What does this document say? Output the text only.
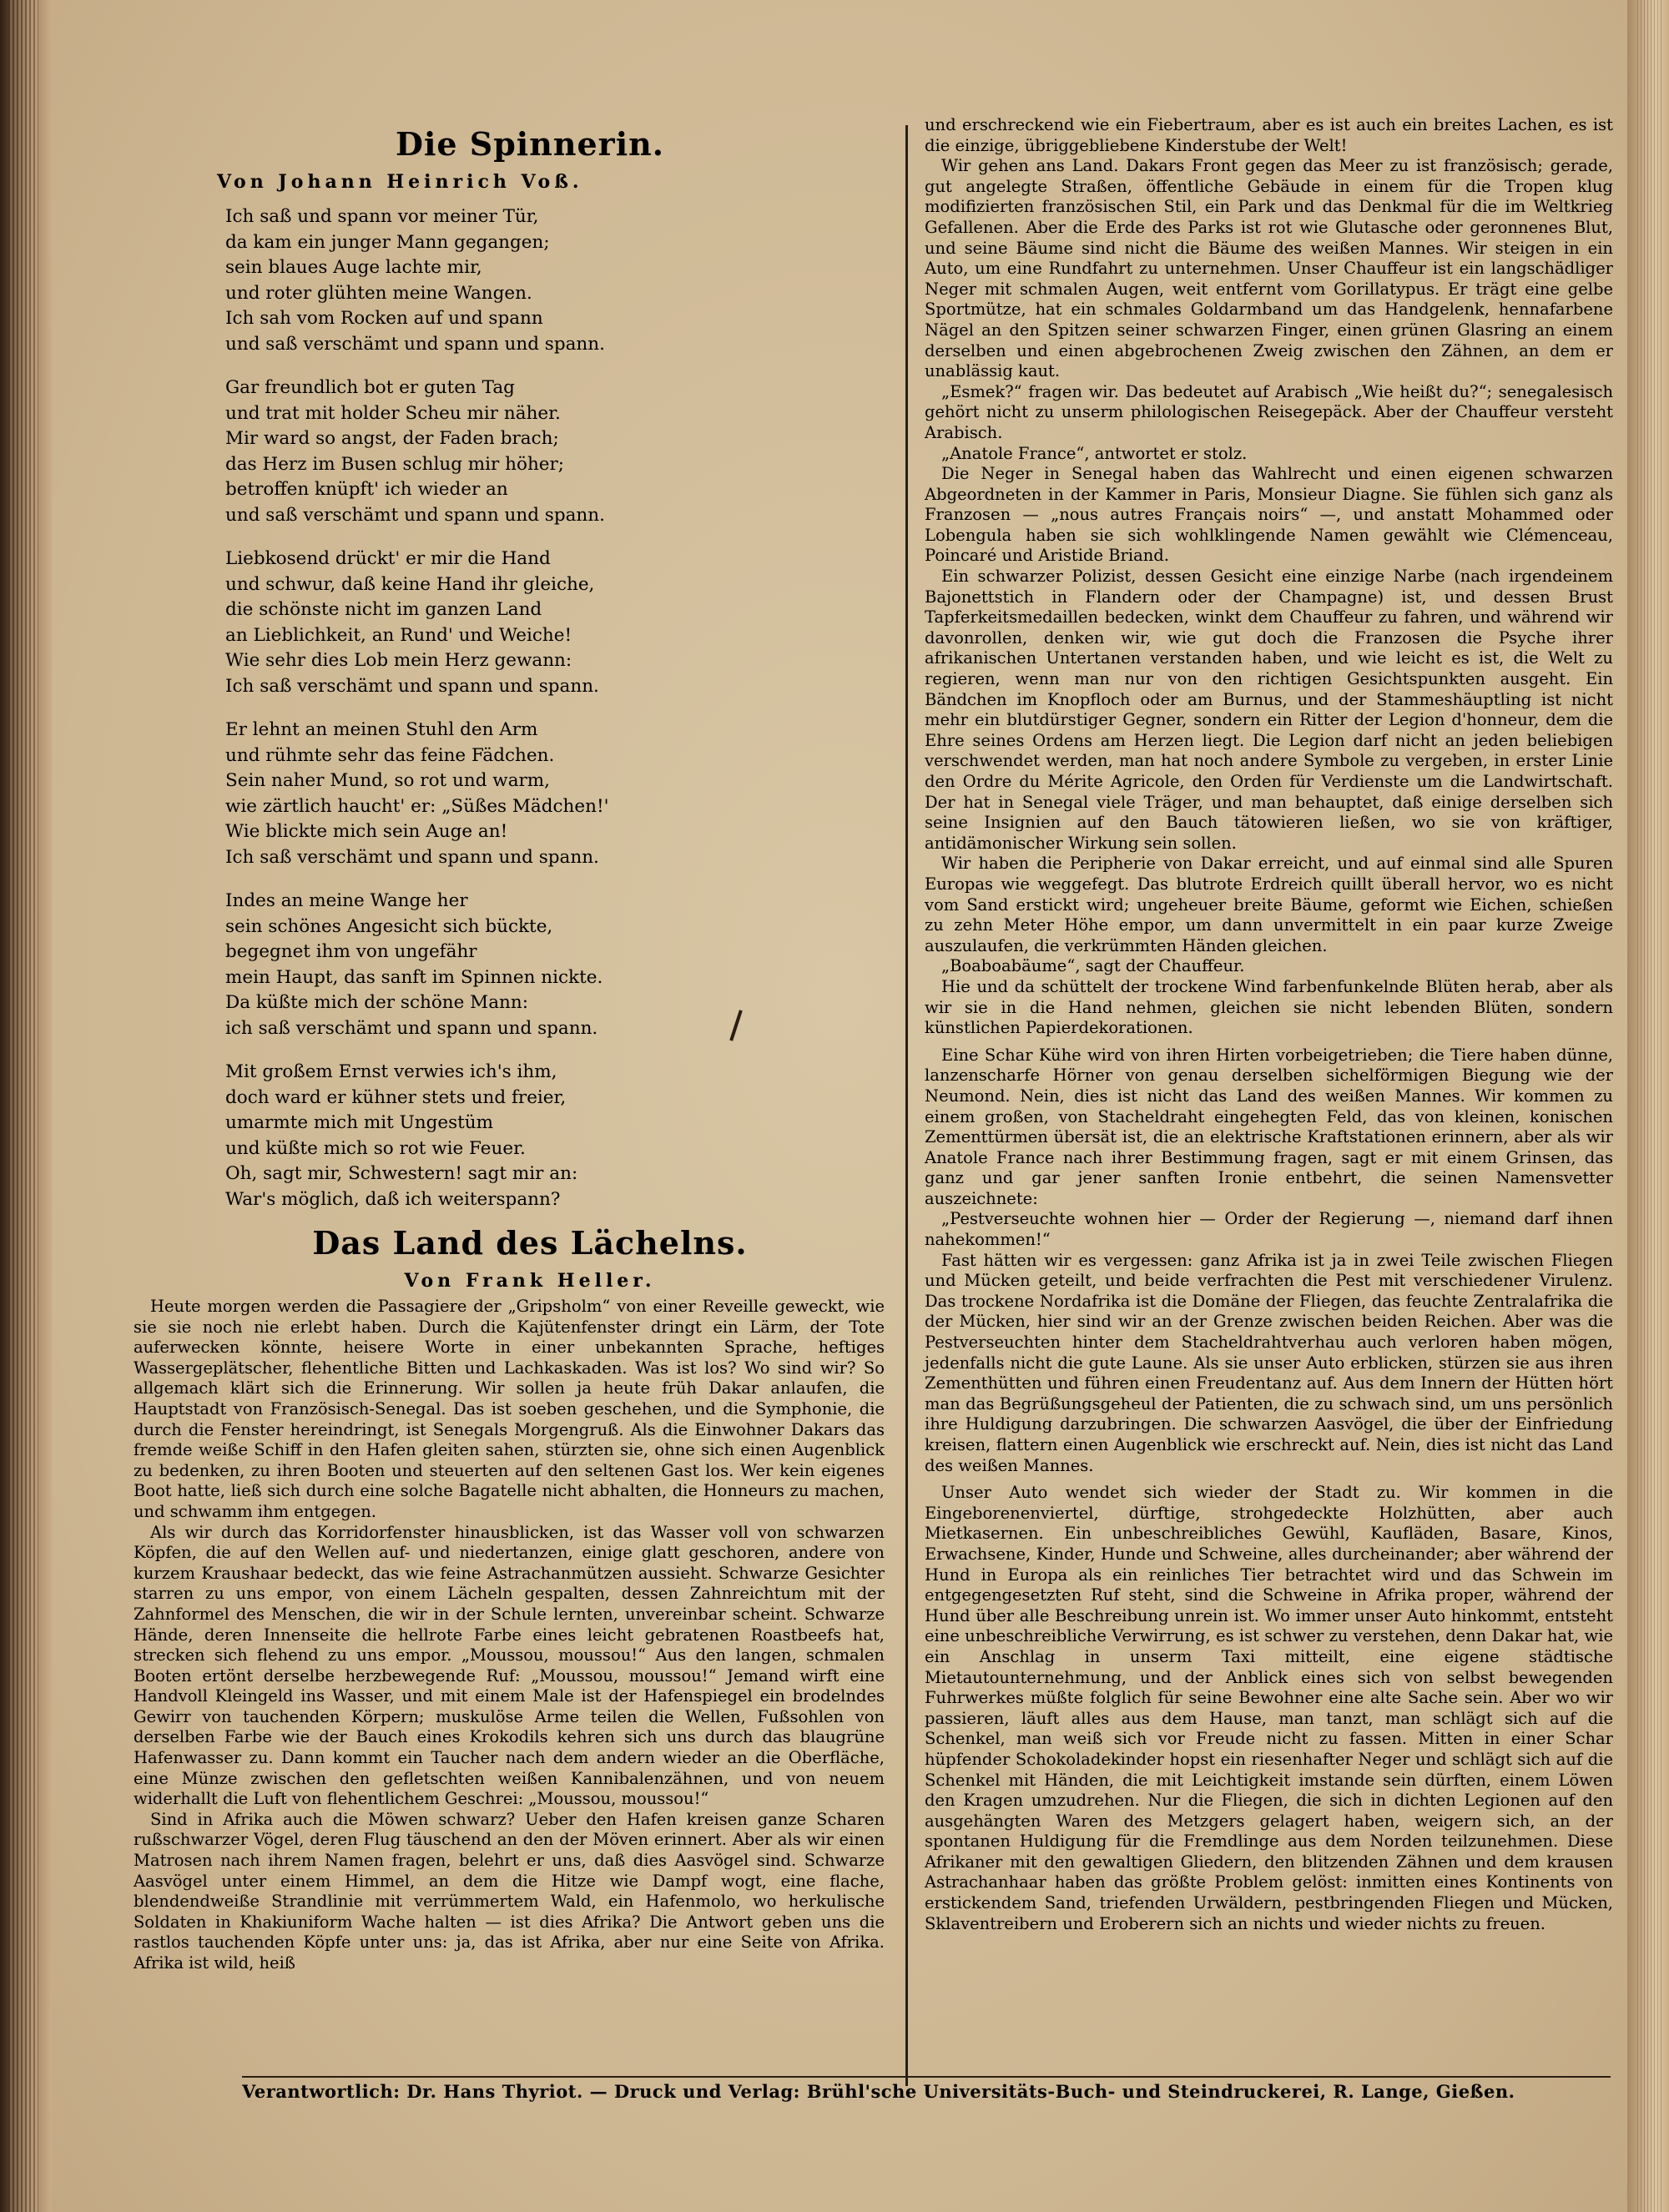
Die Spinnerin.
Von Johann Heinrich Voß.

Ich saß und spann vor meiner Tür,

da kam ein junger Mann gegangen;

sein blaues Auge lachte mir,

und roter glühten meine Wangen.

Ich sah vom Rocken auf und spann

und saß verschämt und spann und spann.

Gar freundlich bot er guten Tag

und trat mit holder Scheu mir näher.

Mir ward so angst, der Faden brach;

das Herz im Busen schlug mir höher;

betroffen knüpft' ich wieder an

und saß verschämt und spann und spann.

Liebkosend drückt' er mir die Hand

und schwur, daß keine Hand ihr gleiche,

die schönste nicht im ganzen Land

an Lieblichkeit, an Rund' und Weiche!

Wie sehr dies Lob mein Herz gewann:

Ich saß verschämt und spann und spann.

Er lehnt an meinen Stuhl den Arm

und rühmte sehr das feine Fädchen.

Sein naher Mund, so rot und warm,

wie zärtlich haucht' er: „Süßes Mädchen!'

Wie blickte mich sein Auge an!

Ich saß verschämt und spann und spann.

Indes an meine Wange her

sein schönes Angesicht sich bückte,

begegnet ihm von ungefähr

mein Haupt, das sanft im Spinnen nickte.

Da küßte mich der schöne Mann:

ich saß verschämt und spann und spann.

Mit großem Ernst verwies ich's ihm,

doch ward er kühner stets und freier,

umarmte mich mit Ungestüm

und küßte mich so rot wie Feuer.

Oh, sagt mir, Schwestern! sagt mir an:

War's möglich, daß ich weiterspann?

Das Land des Lächelns.
Von Frank Heller.

Heute morgen werden die Passagiere der „Gripsholm“ von einer Reveille geweckt, wie sie sie noch nie erlebt haben. Durch die Kajütenfenster dringt ein Lärm, der Tote auferwecken könnte, heisere Worte in einer unbekannten Sprache, heftiges Wassergeplätscher, flehentliche Bitten und Lachkaskaden. Was ist los? Wo sind wir? So allgemach klärt sich die Erinnerung. Wir sollen ja heute früh Dakar anlaufen, die Hauptstadt von Französisch-Senegal. Das ist soeben geschehen, und die Symphonie, die durch die Fenster hereindringt, ist Senegals Morgengruß. Als die Einwohner Dakars das fremde weiße Schiff in den Hafen gleiten sahen, stürzten sie, ohne sich einen Augenblick zu bedenken, zu ihren Booten und steuerten auf den seltenen Gast los. Wer kein eigenes Boot hatte, ließ sich durch eine solche Bagatelle nicht abhalten, die Honneurs zu machen, und schwamm ihm entgegen.

Als wir durch das Korridorfenster hinausblicken, ist das Wasser voll von schwarzen Köpfen, die auf den Wellen auf- und niedertanzen, einige glatt geschoren, andere von kurzem Kraushaar bedeckt, das wie feine Astrachanmützen aussieht. Schwarze Gesichter starren zu uns empor, von einem Lächeln gespalten, dessen Zahnreichtum mit der Zahnformel des Menschen, die wir in der Schule lernten, unvereinbar scheint. Schwarze Hände, deren Innenseite die hellrote Farbe eines leicht gebratenen Roastbeefs hat, strecken sich flehend zu uns empor. „Moussou, moussou!“ Aus den langen, schmalen Booten ertönt derselbe herzbewegende Ruf: „Moussou, moussou!“ Jemand wirft eine Handvoll Kleingeld ins Wasser, und mit einem Male ist der Hafenspiegel ein brodelndes Gewirr von tauchenden Körpern; muskulöse Arme teilen die Wellen, Fußsohlen von derselben Farbe wie der Bauch eines Krokodils kehren sich uns durch das blaugrüne Hafenwasser zu. Dann kommt ein Taucher nach dem andern wieder an die Oberfläche, eine Münze zwischen den gefletschten weißen Kannibalenzähnen, und von neuem widerhallt die Luft von flehentlichem Geschrei: „Moussou, moussou!“

Sind in Afrika auch die Möwen schwarz? Ueber den Hafen kreisen ganze Scharen rußschwarzer Vögel, deren Flug täuschend an den der Möven erinnert. Aber als wir einen Matrosen nach ihrem Namen fragen, belehrt er uns, daß dies Aasvögel sind. Schwarze Aasvögel unter einem Himmel, an dem die Hitze wie Dampf wogt, eine flache, blendendweiße Strandlinie mit verrümmertem Wald, ein Hafenmolo, wo herkulische Soldaten in Khakiuniform Wache halten — ist dies Afrika? Die Antwort geben uns die rastlos tauchenden Köpfe unter uns: ja, das ist Afrika, aber nur eine Seite von Afrika. Afrika ist wild, heiß

und erschreckend wie ein Fiebertraum, aber es ist auch ein breites Lachen, es ist die einzige, übriggebliebene Kinderstube der Welt!

Wir gehen ans Land. Dakars Front gegen das Meer zu ist französisch; gerade, gut angelegte Straßen, öffentliche Gebäude in einem für die Tropen klug modifizierten französischen Stil, ein Park und das Denkmal für die im Weltkrieg Gefallenen. Aber die Erde des Parks ist rot wie Glutasche oder geronnenes Blut, und seine Bäume sind nicht die Bäume des weißen Mannes. Wir steigen in ein Auto, um eine Rundfahrt zu unternehmen. Unser Chauffeur ist ein langschädliger Neger mit schmalen Augen, weit entfernt vom Gorillatypus. Er trägt eine gelbe Sportmütze, hat ein schmales Goldarmband um das Handgelenk, hennafarbene Nägel an den Spitzen seiner schwarzen Finger, einen grünen Glasring an einem derselben und einen abgebrochenen Zweig zwischen den Zähnen, an dem er unablässig kaut.

„Esmek?“ fragen wir. Das bedeutet auf Arabisch „Wie heißt du?“; senegalesisch gehört nicht zu unserm philologischen Reisegepäck. Aber der Chauffeur versteht Arabisch.

„Anatole France“, antwortet er stolz.

Die Neger in Senegal haben das Wahlrecht und einen eigenen schwarzen Abgeordneten in der Kammer in Paris, Monsieur Diagne. Sie fühlen sich ganz als Franzosen — „nous autres Français noirs“ —, und anstatt Mohammed oder Lobengula haben sie sich wohlklingende Namen gewählt wie Clémenceau, Poincaré und Aristide Briand.

Ein schwarzer Polizist, dessen Gesicht eine einzige Narbe (nach irgendeinem Bajonettstich in Flandern oder der Champagne) ist, und dessen Brust Tapferkeitsmedaillen bedecken, winkt dem Chauffeur zu fahren, und während wir davonrollen, denken wir, wie gut doch die Franzosen die Psyche ihrer afrikanischen Untertanen verstanden haben, und wie leicht es ist, die Welt zu regieren, wenn man nur von den richtigen Gesichtspunkten ausgeht. Ein Bändchen im Knopfloch oder am Burnus, und der Stammeshäuptling ist nicht mehr ein blutdürstiger Gegner, sondern ein Ritter der Legion d'honneur, dem die Ehre seines Ordens am Herzen liegt. Die Legion darf nicht an jeden beliebigen verschwendet werden, man hat noch andere Symbole zu vergeben, in erster Linie den Ordre du Mérite Agricole, den Orden für Verdienste um die Landwirtschaft. Der hat in Senegal viele Träger, und man behauptet, daß einige derselben sich seine Insignien auf den Bauch tätowieren ließen, wo sie von kräftiger, antidämonischer Wirkung sein sollen.

Wir haben die Peripherie von Dakar erreicht, und auf einmal sind alle Spuren Europas wie weggefegt. Das blutrote Erdreich quillt überall hervor, wo es nicht vom Sand erstickt wird; ungeheuer breite Bäume, geformt wie Eichen, schießen zu zehn Meter Höhe empor, um dann unvermittelt in ein paar kurze Zweige auszulaufen, die verkrümmten Händen gleichen.

„Boaboabäume“, sagt der Chauffeur.

Hie und da schüttelt der trockene Wind farbenfunkelnde Blüten herab, aber als wir sie in die Hand nehmen, gleichen sie nicht lebenden Blüten, sondern künstlichen Papierdekorationen.

Eine Schar Kühe wird von ihren Hirten vorbeigetrieben; die Tiere haben dünne, lanzenscharfe Hörner von genau derselben sichelförmigen Biegung wie der Neumond. Nein, dies ist nicht das Land des weißen Mannes. Wir kommen zu einem großen, von Stacheldraht eingehegten Feld, das von kleinen, konischen Zementtürmen übersät ist, die an elektrische Kraftstationen erinnern, aber als wir Anatole France nach ihrer Bestimmung fragen, sagt er mit einem Grinsen, das ganz und gar jener sanften Ironie entbehrt, die seinen Namensvetter auszeichnete:

„Pestverseuchte wohnen hier — Order der Regierung —, niemand darf ihnen nahekommen!“

Fast hätten wir es vergessen: ganz Afrika ist ja in zwei Teile zwischen Fliegen und Mücken geteilt, und beide verfrachten die Pest mit verschiedener Virulenz. Das trockene Nordafrika ist die Domäne der Fliegen, das feuchte Zentralafrika die der Mücken, hier sind wir an der Grenze zwischen beiden Reichen. Aber was die Pestverseuchten hinter dem Stacheldrahtverhau auch verloren haben mögen, jedenfalls nicht die gute Laune. Als sie unser Auto erblicken, stürzen sie aus ihren Zementhütten und führen einen Freudentanz auf. Aus dem Innern der Hütten hört man das Begrüßungsgeheul der Patienten, die zu schwach sind, um uns persönlich ihre Huldigung darzubringen. Die schwarzen Aasvögel, die über der Einfriedung kreisen, flattern einen Augenblick wie erschreckt auf. Nein, dies ist nicht das Land des weißen Mannes.

Unser Auto wendet sich wieder der Stadt zu. Wir kommen in die Eingeborenenviertel, dürftige, strohgedeckte Holzhütten, aber auch Mietkasernen. Ein unbeschreibliches Gewühl, Kaufläden, Basare, Kinos, Erwachsene, Kinder, Hunde und Schweine, alles durcheinander; aber während der Hund in Europa als ein reinliches Tier betrachtet wird und das Schwein im entgegengesetzten Ruf steht, sind die Schweine in Afrika proper, während der Hund über alle Beschreibung unrein ist. Wo immer unser Auto hinkommt, entsteht eine unbeschreibliche Verwirrung, es ist schwer zu verstehen, denn Dakar hat, wie ein Anschlag in unserm Taxi mitteilt, eine eigene städtische Mietautounternehmung, und der Anblick eines sich von selbst bewegenden Fuhrwerkes müßte folglich für seine Bewohner eine alte Sache sein. Aber wo wir passieren, läuft alles aus dem Hause, man tanzt, man schlägt sich auf die Schenkel, man weiß sich vor Freude nicht zu fassen. Mitten in einer Schar hüpfender Schokoladekinder hopst ein riesenhafter Neger und schlägt sich auf die Schenkel mit Händen, die mit Leichtigkeit imstande sein dürften, einem Löwen den Kragen umzudrehen. Nur die Fliegen, die sich in dichten Legionen auf den ausgehängten Waren des Metzgers gelagert haben, weigern sich, an der spontanen Huldigung für die Fremdlinge aus dem Norden teilzunehmen. Diese Afrikaner mit den gewaltigen Gliedern, den blitzenden Zähnen und dem krausen Astrachanhaar haben das größte Problem gelöst: inmitten eines Kontinents von erstickendem Sand, triefenden Urwäldern, pestbringenden Fliegen und Mücken, Sklaventreibern und Eroberern sich an nichts und wieder nichts zu freuen.

Verantwortlich: Dr. Hans Thyriot. — Druck und Verlag: Brühl'sche Universitäts-Buch- und Steindruckerei, R. Lange, Gießen.
